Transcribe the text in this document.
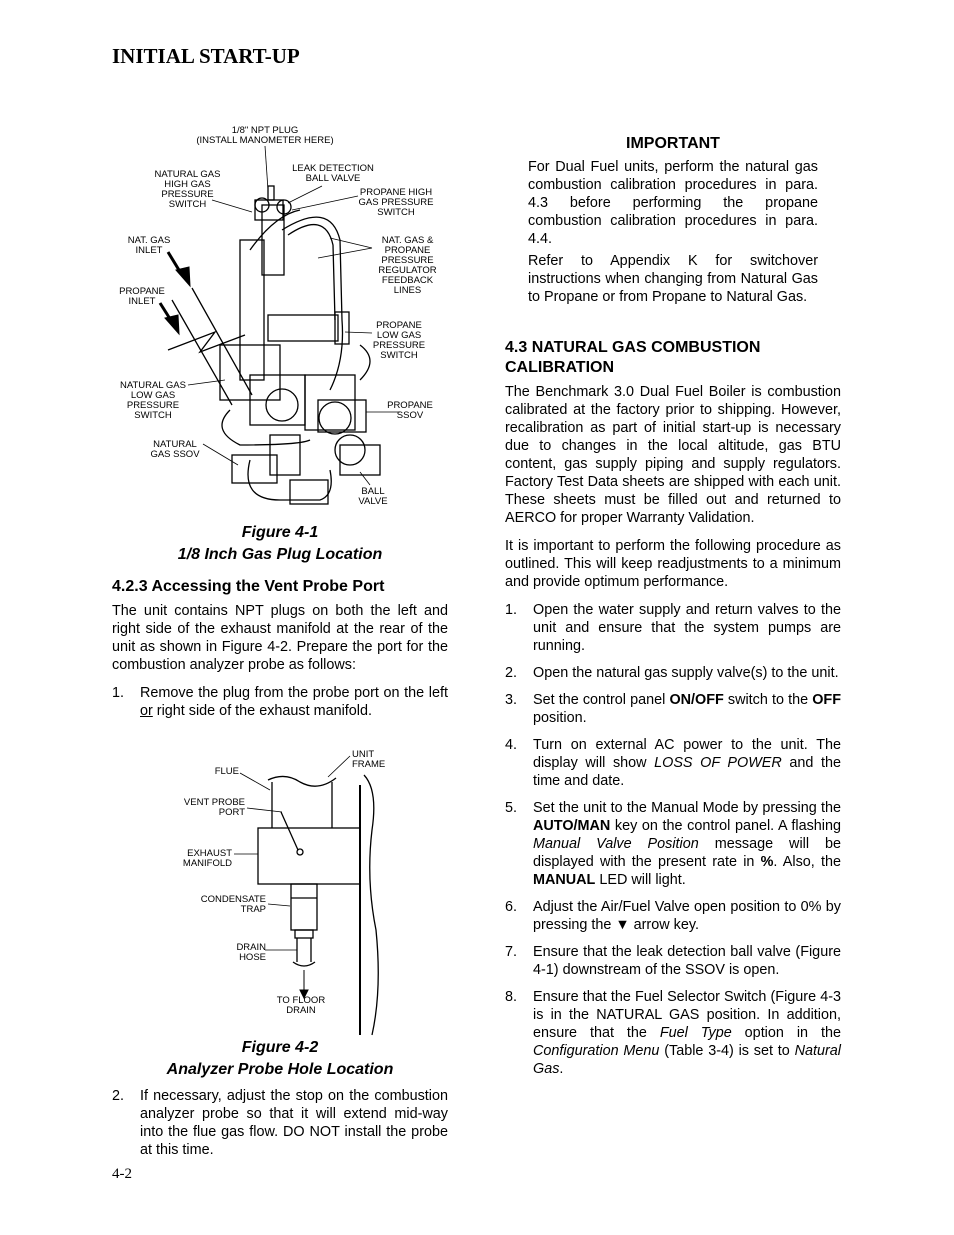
INITIAL START-UP
1/8" NPT PLUG
(INSTALL MANOMETER HERE)
LEAK DETECTION
BALL VALVE
NATURAL GAS
HIGH GAS
PRESSURE
SWITCH
PROPANE HIGH
GAS PRESSURE
SWITCH
NAT. GAS
INLET
NAT. GAS &
PROPANE
PRESSURE
REGULATOR
FEEDBACK
LINES
PROPANE
INLET
PROPANE
LOW GAS
PRESSURE
SWITCH
NATURAL GAS
LOW GAS
PRESSURE
SWITCH
PROPANE
SSOV
NATURAL
GAS SSOV
BALL
VALVE
Figure 4-1
1/8 Inch Gas Plug Location
4.2.3 Accessing the Vent Probe Port

The unit contains NPT plugs on both the left and right side of the exhaust manifold at the rear of the unit as shown in Figure 4-2. Prepare the port for the combustion analyzer probe as follows:

1. Remove the plug from the probe port on the left or right side of the exhaust manifold.
UNIT
FRAME
FLUE
VENT PROBE
PORT
EXHAUST
MANIFOLD
CONDENSATE
TRAP
DRAIN
HOSE
TO FLOOR
DRAIN
Figure 4-2
Analyzer Probe Hole Location
2. If necessary, adjust the stop on the combustion analyzer probe so that it will extend mid-way into the flue gas flow. DO NOT install the probe at this time.
IMPORTANT

For Dual Fuel units, perform the natural gas combustion calibration procedures in para. 4.3 before performing the propane combustion calibration procedures in para. 4.4.

Refer to Appendix K for switchover instructions when changing from Natural Gas to Propane or from Propane to Natural Gas.

4.3 NATURAL GAS COMBUSTION CALIBRATION

The Benchmark 3.0 Dual Fuel Boiler is combustion calibrated at the factory prior to shipping. However, recalibration as part of initial start-up is necessary due to changes in the local altitude, gas BTU content, gas supply piping and supply regulators. Factory Test Data sheets are shipped with each unit. These sheets must be filled out and returned to AERCO for proper Warranty Validation.

It is important to perform the following procedure as outlined. This will keep readjustments to a minimum and provide optimum performance.

1. Open the water supply and return valves to the unit and ensure that the system pumps are running.
2. Open the natural gas supply valve(s) to the unit.
3. Set the control panel ON/OFF switch to the OFF position.
4. Turn on external AC power to the unit. The display will show LOSS OF POWER and the time and date.
5. Set the unit to the Manual Mode by pressing the AUTO/MAN key on the control panel. A flashing Manual Valve Position message will be displayed with the present rate in %. Also, the MANUAL LED will light.
6. Adjust the Air/Fuel Valve open position to 0% by pressing the ▼ arrow key.
7. Ensure that the leak detection ball valve (Figure 4-1) downstream of the SSOV is open.
8. Ensure that the Fuel Selector Switch (Figure 4-3 is in the NATURAL GAS position. In addition, ensure that the Fuel Type option in the Configuration Menu (Table 3-4) is set to Natural Gas.
4-2
